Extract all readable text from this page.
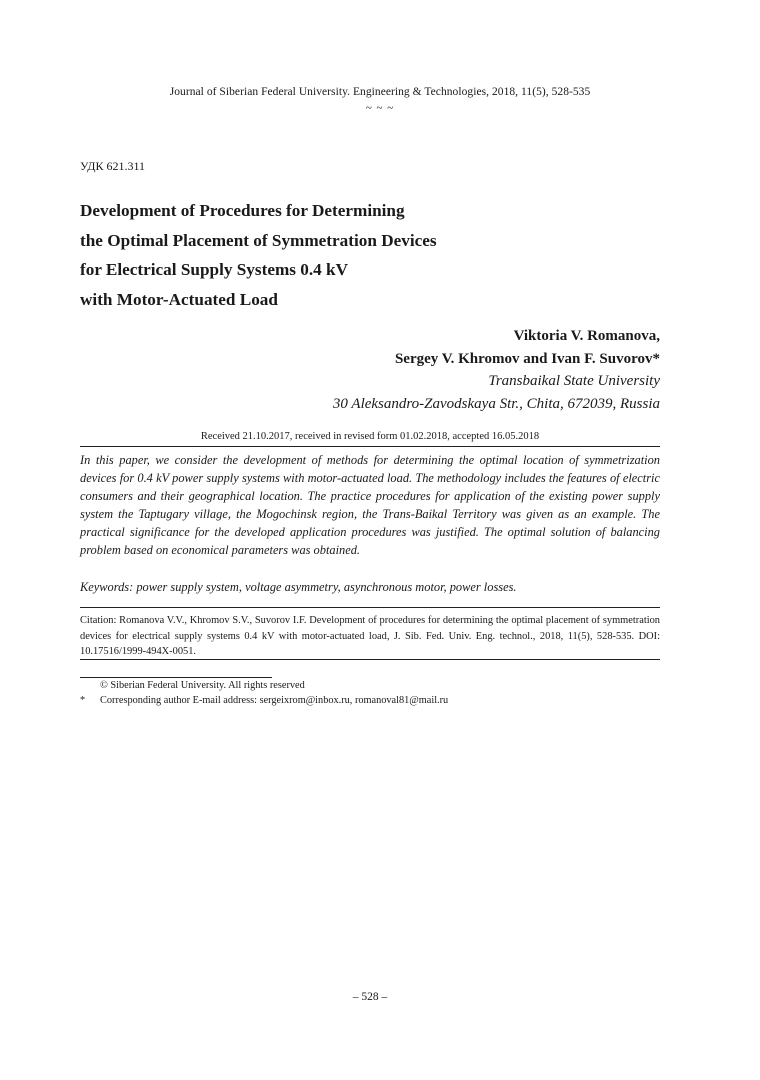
Journal of Siberian Federal University. Engineering & Technologies, 2018, 11(5), 528-535
~ ~ ~
УДК 621.311
Development of Procedures for Determining
the Optimal Placement of Symmetration Devices
for Electrical Supply Systems 0.4 kV
with Motor-Actuated Load
Viktoria V. Romanova,
Sergey V. Khromov and Ivan F. Suvorov*
Transbaikal State University
30 Aleksandro-Zavodskaya Str., Chita, 672039, Russia
Received 21.10.2017, received in revised form 01.02.2018, accepted 16.05.2018

In this paper, we consider the development of methods for determining the optimal location of symmetrization devices for 0.4 kV power supply systems with motor-actuated load. The methodology includes the features of electric consumers and their geographical location. The practice procedures for application of the existing power supply system the Taptugary village, the Mogochinsk region, the Trans-Baikal Territory was given as an example. The practical significance for the developed application procedures was justified. The optimal solution of balancing problem based on economical parameters was obtained.

Keywords: power supply system, voltage asymmetry, asynchronous motor, power losses.

Citation: Romanova V.V., Khromov S.V., Suvorov I.F. Development of procedures for determining the optimal placement of symmetration devices for electrical supply systems 0.4 kV with motor-actuated load, J. Sib. Fed. Univ. Eng. technol., 2018, 11(5), 528-535. DOI: 10.17516/1999-494X-0051.

© Siberian Federal University. All rights reserved
* Corresponding author E-mail address: sergeixrom@inbox.ru, romanoval81@mail.ru
– 528 –
